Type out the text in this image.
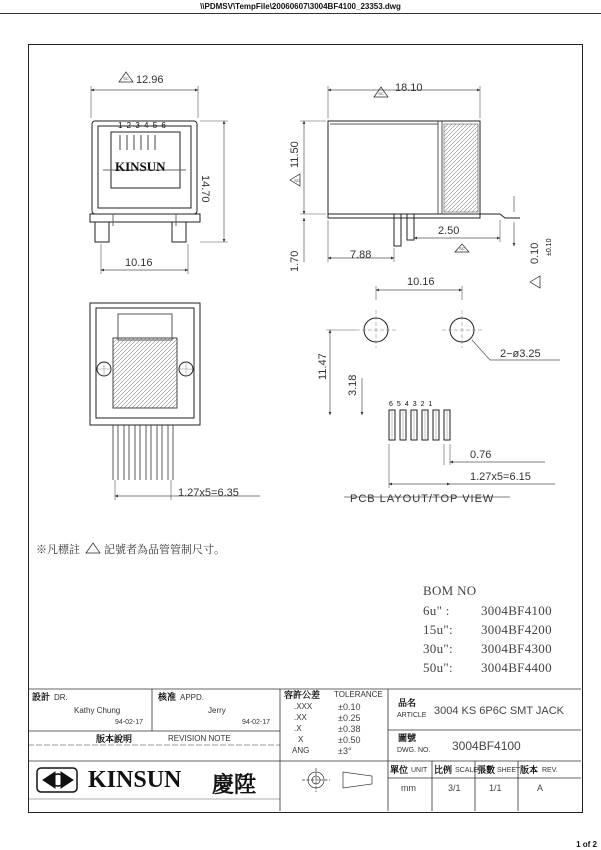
\\PDMSV\TempFile\20060607\3004BF4100_23353.dwg
SC
SC
SC
SC
12.96
1 2 3 4 5 6
KINSUN
14.70
10.16
18.10
11.50
1.70	7.88
2.50
0.10 ±0.10
1.27x5=6.35
10.16
2−ø3.25
11.47
3.18
654321
0.76
1.27x5=6.15
PCB LAYOUT/TOP VIEW
※凡標註 記號者為品管管制尺寸。
BOM NO
6u" : 3004BF4100
15u": 3004BF4200
30u": 3004BF4300
50u": 3004BF4400
設計 DR.
Kathy Chung
94-02-17
核准 APPD.
Jerry
94-02-17
版本說明	REVISION NOTE
容許公差 TOLERANCE
.XXX	±0.10
.XX	±0.25
.X	±0.38
X	±0.50
ANG	±3°
品名
ARTICLE 3004 KS 6P6C SMT JACK
圖號
DWG. NO. 3004BF4100
KINSUN 慶陞
單位 UNIT
mm
比例 SCALE
3/1
張數 SHEET
1/1
版本 REV.
A
1 of 2
